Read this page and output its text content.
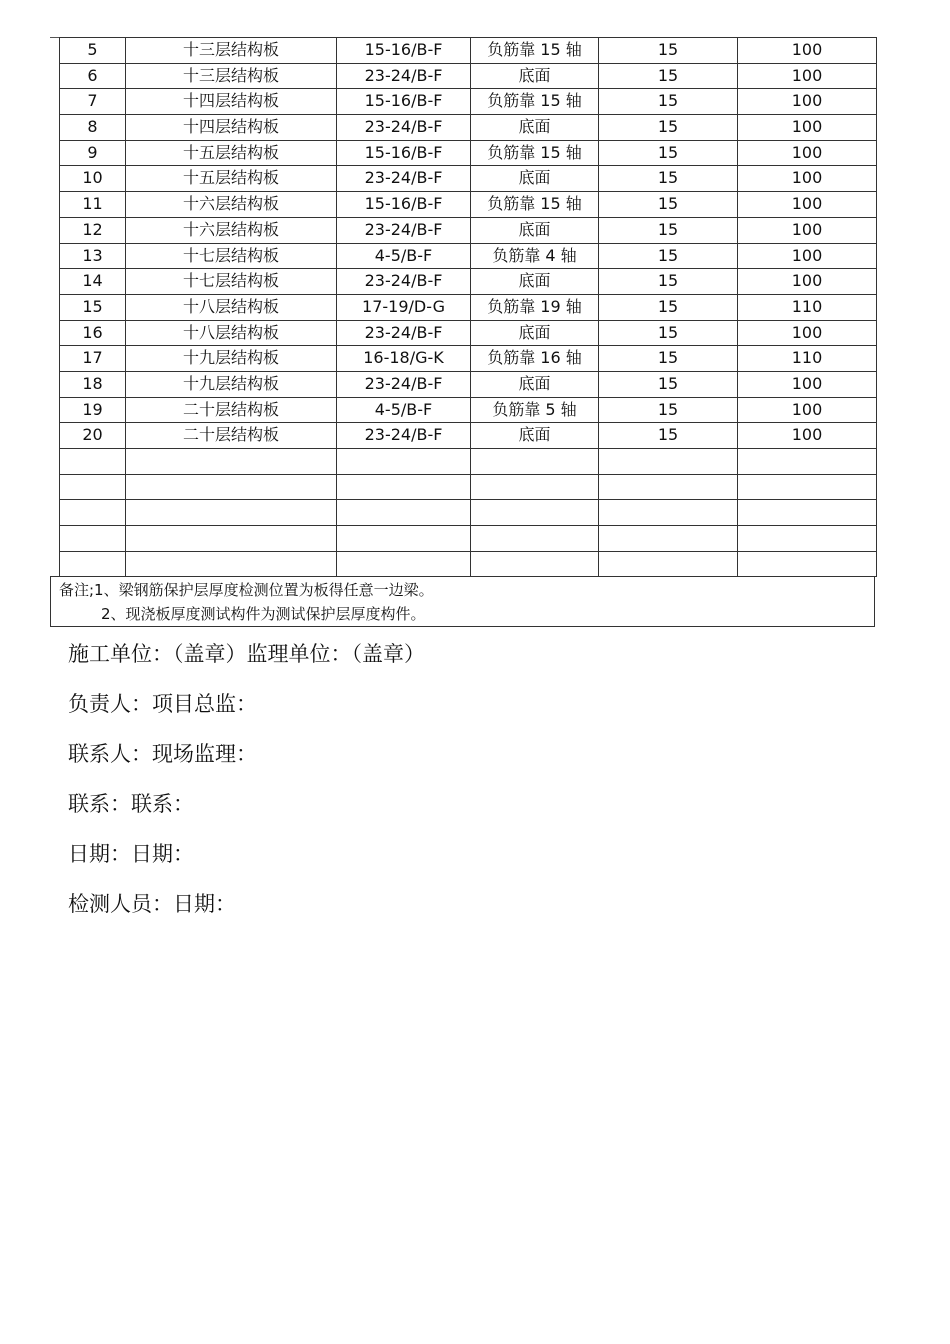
5	十三层结构板	15-16/B-F	负筋靠 15 轴	15	100
6	十三层结构板	23-24/B-F	底面	15	100
7	十四层结构板	15-16/B-F	负筋靠 15 轴	15	100
8	十四层结构板	23-24/B-F	底面	15	100
9	十五层结构板	15-16/B-F	负筋靠 15 轴	15	100
10	十五层结构板	23-24/B-F	底面	15	100
11	十六层结构板	15-16/B-F	负筋靠 15 轴	15	100
12	十六层结构板	23-24/B-F	底面	15	100
13	十七层结构板	4-5/B-F	负筋靠 4 轴	15	100
14	十七层结构板	23-24/B-F	底面	15	100
15	十八层结构板	17-19/D-G	负筋靠 19 轴	15	110
16	十八层结构板	23-24/B-F	底面	15	100
17	十九层结构板	16-18/G-K	负筋靠 16 轴	15	110
18	十九层结构板	23-24/B-F	底面	15	100
19	二十层结构板	4-5/B-F	负筋靠 5 轴	15	100
20	二十层结构板	23-24/B-F	底面	15	100

备注;1、梁钢筋保护层厚度检测位置为板得任意一边梁。
2、现浇板厚度测试构件为测试保护层厚度构件。
施工单位：（盖章）监理单位：（盖章）
负责人：项目总监：
联系人：现场监理：
联系：联系：
日期：日期：
检测人员：日期：
